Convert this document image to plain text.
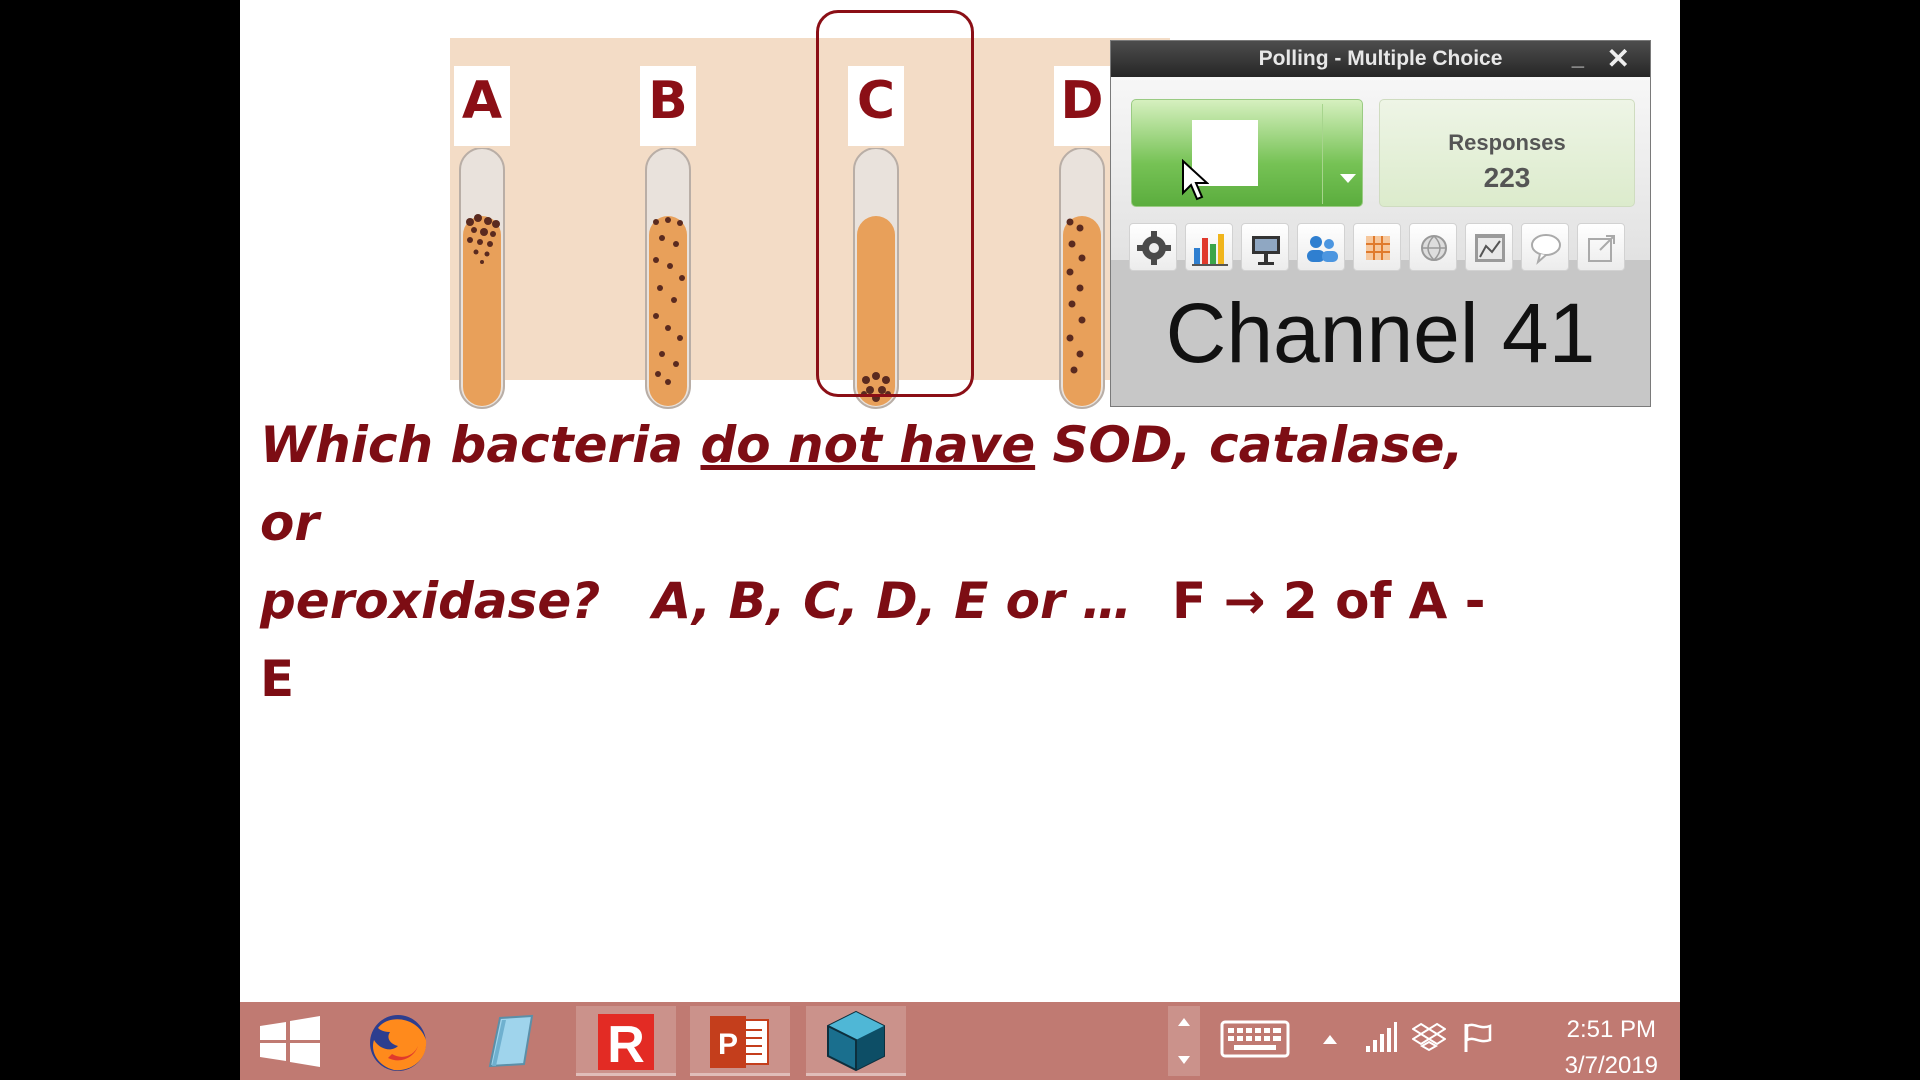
A	B	C	D
Which bacteria do not have SOD, catalase, or
peroxidase?   A, B, C, D, E or … F → 2 of A - E
Polling - Multiple Choice	_ ✕
Responses
223
Channel 41
R P	2:51 PM
3/7/2019
